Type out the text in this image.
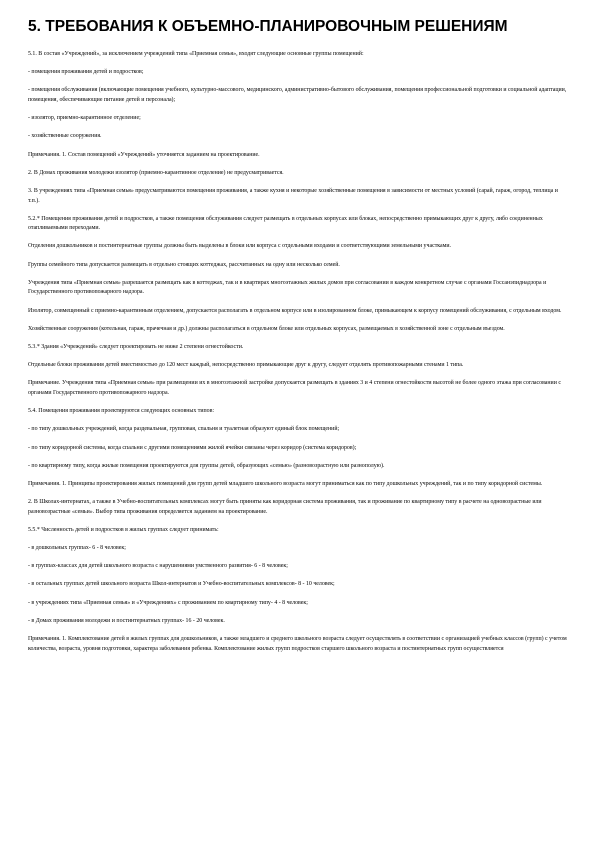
5. ТРЕБОВАНИЯ К ОБЪЕМНО-ПЛАНИРОВОЧНЫМ РЕШЕНИЯМ

5.1. В состав «Учреждений», за исключением учреждений типа «Приемная семья», входят следующие основные группы помещений:

- помещения проживания детей и подростков;

- помещения обслуживания (включающие помещения учебного, культурно-массового, медицинского, административно-бытового обслуживания, помещения профессиональной подготовки и социальной адаптации, помещения, обеспечивающие питание детей и персонала);

- изолятор, приемно-карантинное отделение;

- хозяйственные сооружения.

Примечания. 1. Состав помещений «Учреждений» уточняется заданием на проектирование.

2. В Домах проживания молодежи изолятор (приемно-карантинное отделение) не предусматривается.

3. В учреждениях типа «Приемная семья» предусматриваются помещения проживания, а также кухня и некоторые хозяйственные помещения в зависимости от местных условий (сарай, гараж, огород, теплица и т.п.).

5.2.* Помещения проживания детей и подростков, а также помещения обслуживания следует размещать в отдельных корпусах или блоках, непосредственно примыкающих друг к другу, либо соединенных отапливаемыми переходами.

Отделения дошкольников и постинтернатные группы должны быть выделены в блоки или корпуса с отдельными входами и соответствующими земельными участками.

Группы семейного типа допускается размещать в отдельно стоящих коттеджах, рассчитанных на одну или несколько семей.

Учреждения типа «Приемная семья» разрешается размещать как в коттеджах, так и в квартирах многоэтажных жилых домов при согласовании в каждом конкретном случае с органами Госсанэпиднадзора и Государственного противопожарного надзора.

Изолятор, совмещенный с приемно-карантинным отделением, допускается располагать в отдельном корпусе или в изолированном блоке, примыкающем к корпусу помещений обслуживания, с отдельным входом.

Хозяйственные сооружения (котельная, гараж, прачечная и др.) должны располагаться в отдельном блоке или отдельных корпусах, размещаемых в хозяйственной зоне с отдельным въездом.

5.3.* Здания «Учреждений» следует проектировать не ниже 2 степени огнестойкости.

Отдельные блоки проживания детей вместимостью до 120 мест каждый, непосредственно примыкающие друг к другу, следует отделять противопожарными стенами 1 типа.

Примечание. Учреждения типа «Приемная семья» при размещении их в многоэтажной застройке допускается размещать в зданиях 3 и 4 степени огнестойкости высотой не более одного этажа при согласовании с органами Государственного противопожарного надзора.

5.4. Помещения проживания проектируются следующих основных типов:

- по типу дошкольных учреждений, когда раздевальная, групповая, спальня и туалетная образуют единый блок помещений;

- по типу коридорной системы, когда спальни с другими помещениями жилой ячейки связаны через коридор (система коридоров);

- по квартирному типу, когда жилые помещения проектируются для группы детей, образующих «семью» (разновозрастную или разнополую).

Примечания. 1. Принципы проектирования жилых помещений для групп детей младшего школьного возраста могут приниматься как по типу дошкольных учреждений, так и по типу коридорной системы.

2. В Школах-интернатах, а также в Учебно-воспитательных комплексах могут быть приняты как коридорная система проживания, так и проживание по квартирному типу в расчете на одновозрастные или разновозрастные «семьи». Выбор типа проживания определяется заданием на проектирование.

5.5.* Численность детей и подростков в жилых группах следует принимать:

- в дошкольных группах- 6 - 8 человек;

- в группах-классах для детей школьного возраста с нарушениями умственного развития- 6 - 8 человек;

- в остальных группах детей школьного возраста Школ-интернатов и Учебно-воспитательных комплексов- 8 - 10 человек;

- в учреждениях типа «Приемная семья» и «Учреждениях» с проживанием по квартирному типу- 4 - 8 человек;

- в Домах проживания молодежи и постинтернатных группах- 16 - 20 человек.

Примечания. 1. Комплектование детей в жилых группах для дошкольников, а также младшего и среднего школьного возраста следует осуществлять в соответствии с организацией учебных классов (групп) с учетом количества, возраста, уровня подготовки, характера заболевания ребенка. Комплектование жилых групп подростков старшего школьного возраста и постинтернатных групп осуществляется
